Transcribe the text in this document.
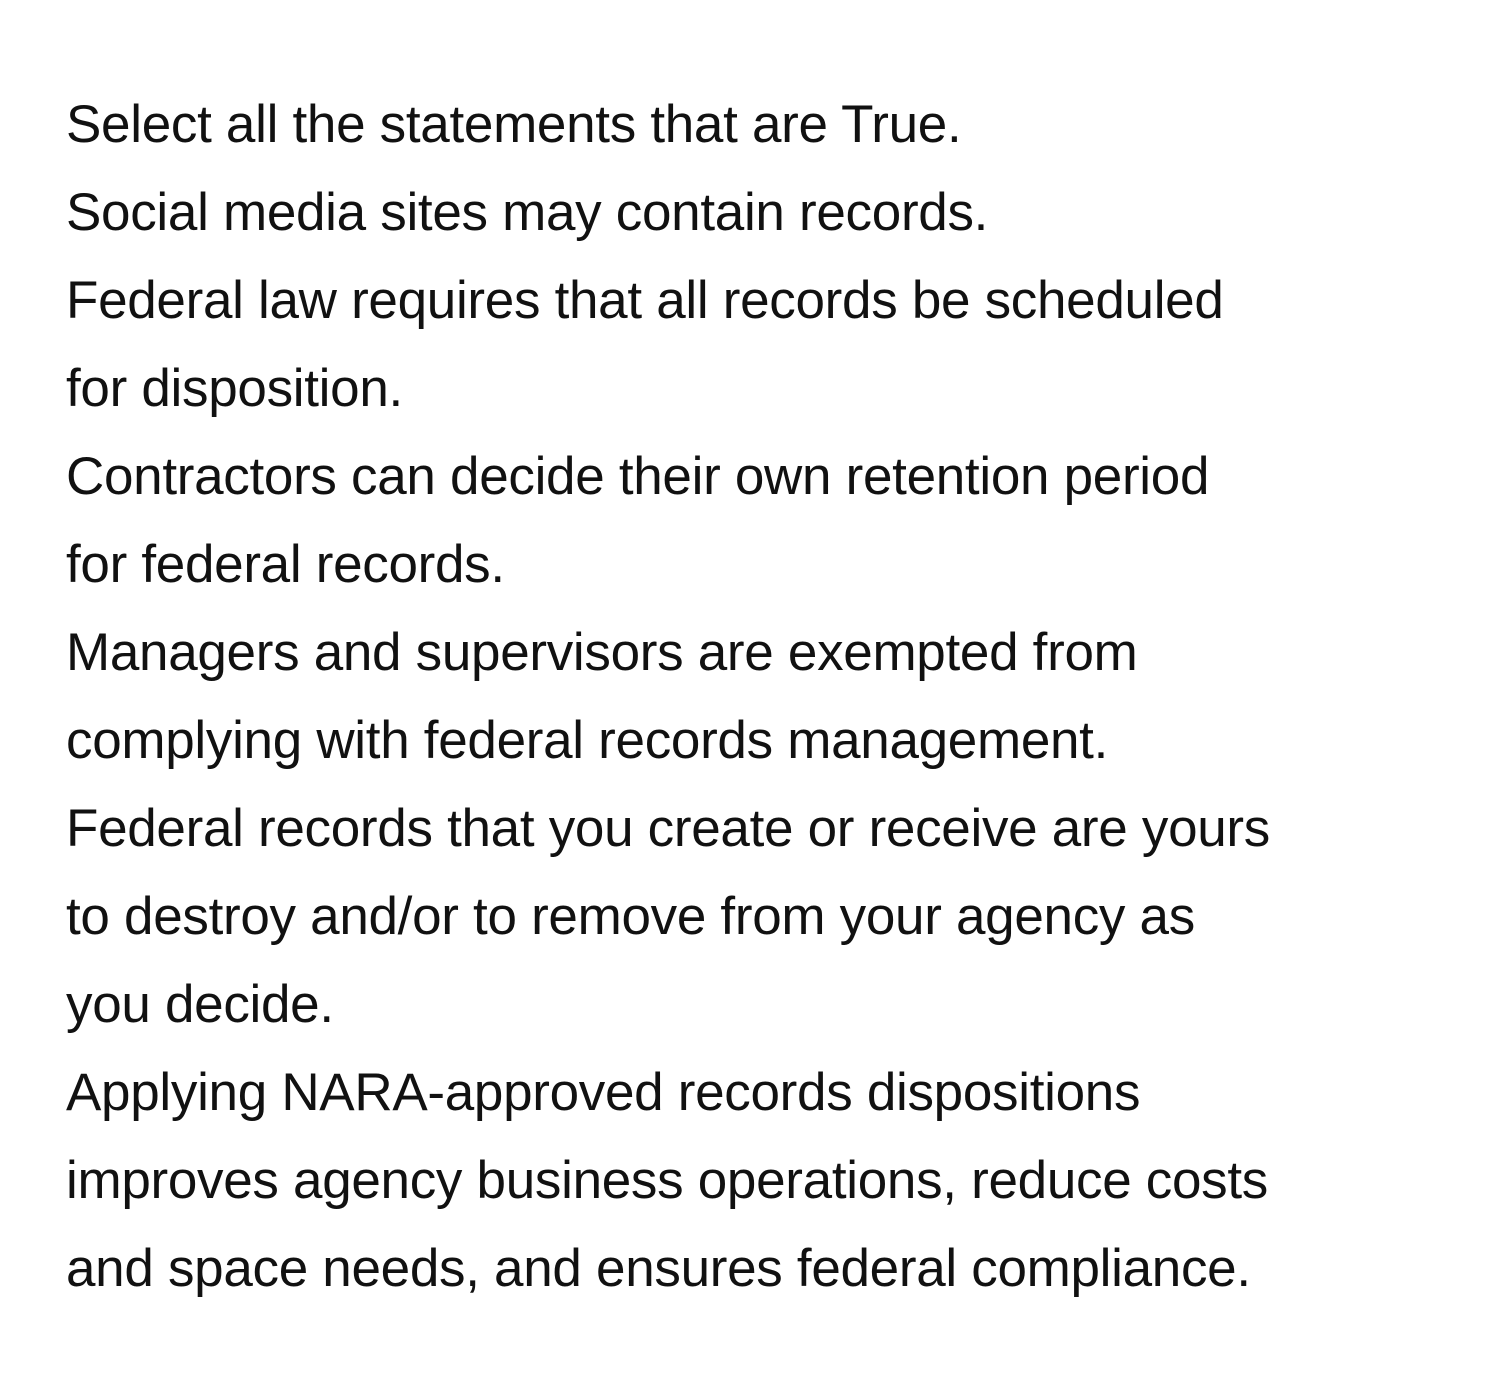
Select all the statements that are True.
Social media sites may contain records.
Federal law requires that all records be scheduled
for disposition.
Contractors can decide their own retention period
for federal records.
Managers and supervisors are exempted from
complying with federal records management.
Federal records that you create or receive are yours
to destroy and/or to remove from your agency as
you decide.
Applying NARA-approved records dispositions
improves agency business operations, reduce costs
and space needs, and ensures federal compliance.
